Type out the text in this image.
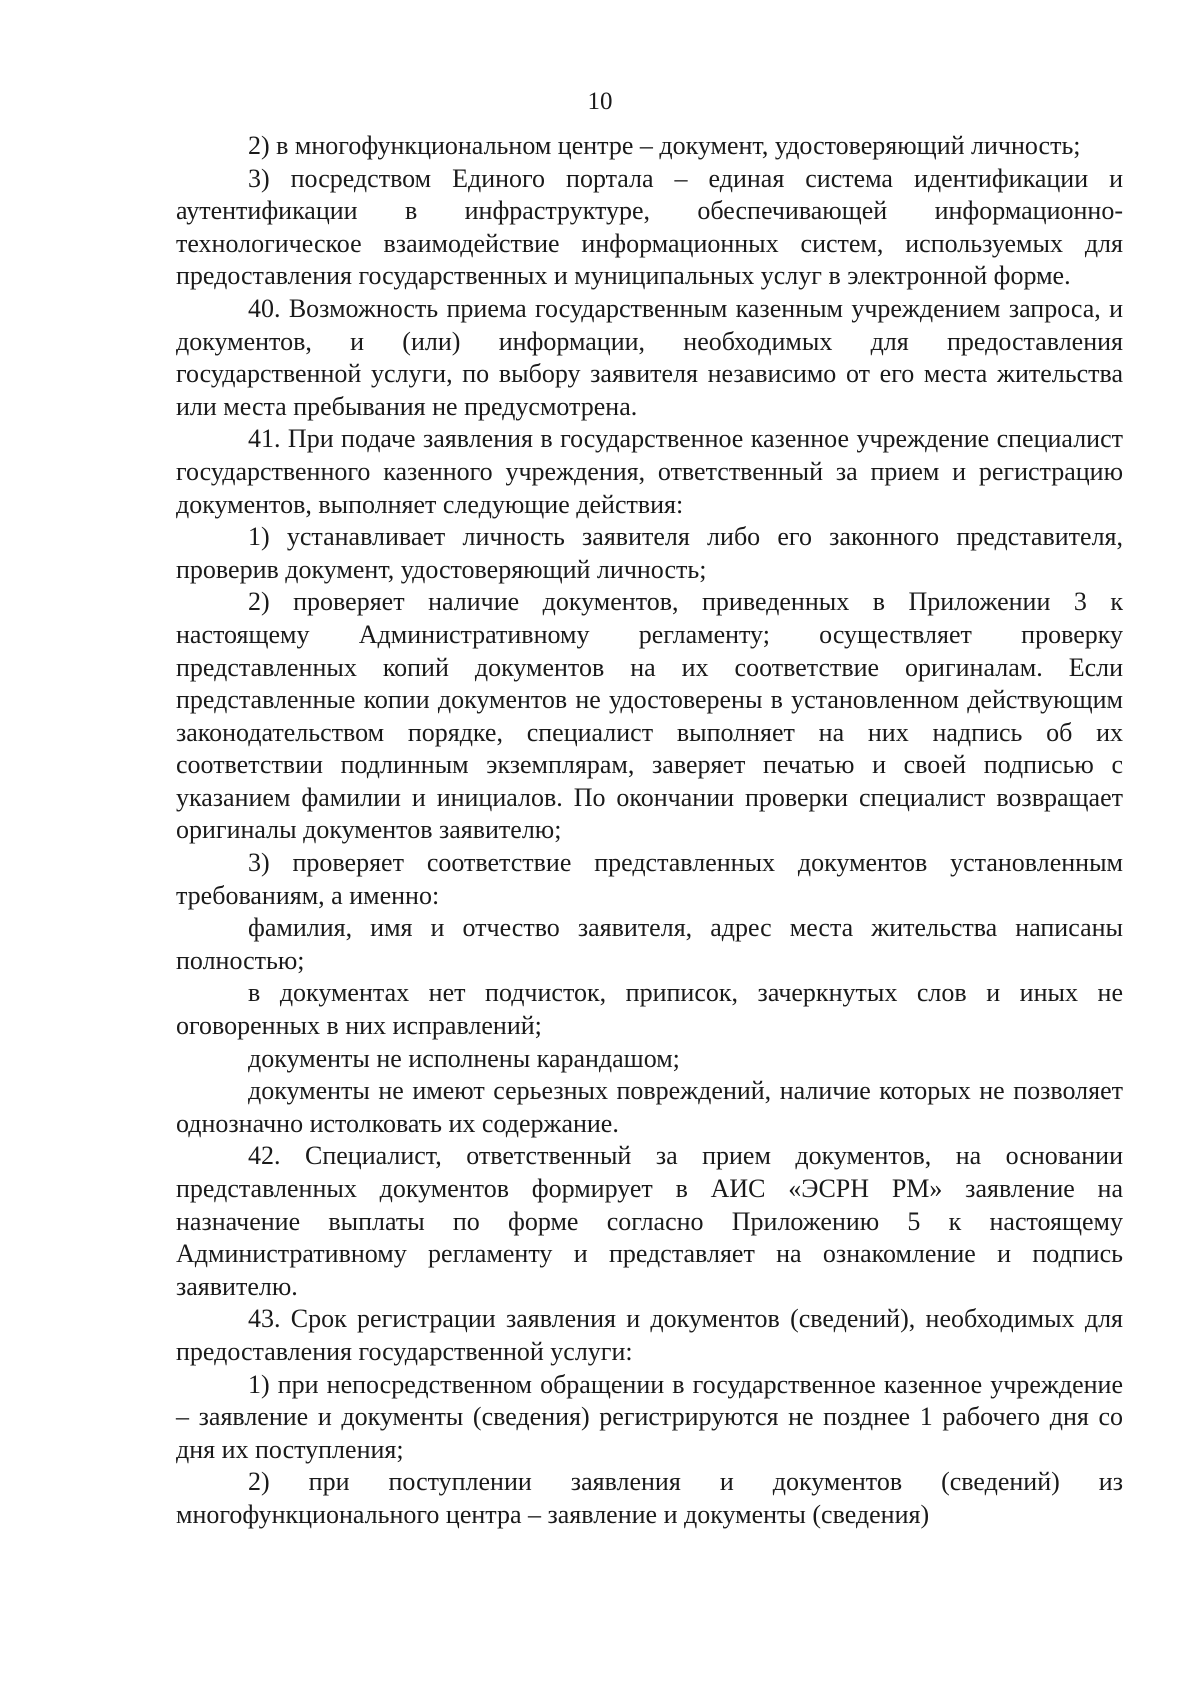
10

2) в многофункциональном центре – документ, удостоверяющий личность;

3) посредством Единого портала – единая система идентификации и аутентификации в инфраструктуре, обеспечивающей информационно-технологическое взаимодействие информационных систем, используемых для предоставления государственных и муниципальных услуг в электронной форме.

40. Возможность приема государственным казенным учреждением запроса, и документов, и (или) информации, необходимых для предоставления государственной услуги, по выбору заявителя независимо от его места жительства или места пребывания не предусмотрена.

41. При подаче заявления в государственное казенное учреждение специалист государственного казенного учреждения, ответственный за прием и регистрацию документов, выполняет следующие действия:

1) устанавливает личность заявителя либо его законного представителя, проверив документ, удостоверяющий личность;

2) проверяет наличие документов, приведенных в Приложении 3 к настоящему Административному регламенту; осуществляет проверку представленных копий документов на их соответствие оригиналам. Если представленные копии документов не удостоверены в установленном действующим законодательством порядке, специалист выполняет на них надпись об их соответствии подлинным экземплярам, заверяет печатью и своей подписью с указанием фамилии и инициалов. По окончании проверки специалист возвращает оригиналы документов заявителю;

3) проверяет соответствие представленных документов установленным требованиям, а именно:

фамилия, имя и отчество заявителя, адрес места жительства написаны полностью;

в документах нет подчисток, приписок, зачеркнутых слов и иных не оговоренных в них исправлений;

документы не исполнены карандашом;

документы не имеют серьезных повреждений, наличие которых не позволяет однозначно истолковать их содержание.

42. Специалист, ответственный за прием документов, на основании представленных документов формирует в АИС «ЭСРН РМ» заявление на назначение выплаты по форме согласно Приложению 5 к настоящему Административному регламенту и представляет на ознакомление и подпись заявителю.

43. Срок регистрации заявления и документов (сведений), необходимых для предоставления государственной услуги:

1) при непосредственном обращении в государственное казенное учреждение – заявление и документы (сведения) регистрируются не позднее 1 рабочего дня со дня их поступления;

2) при поступлении заявления и документов (сведений) из многофункционального центра – заявление и документы (сведения)
